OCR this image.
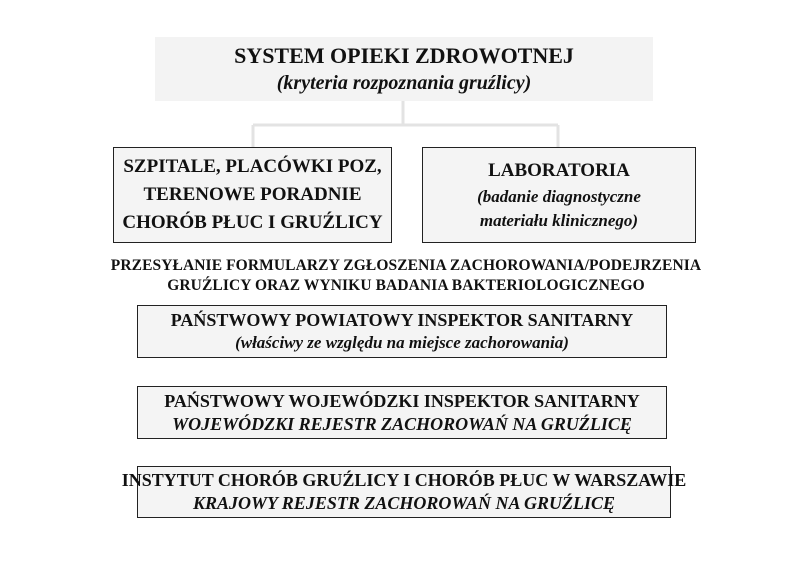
SYSTEM OPIEKI ZDROWOTNEJ
(kryteria rozpoznania gruźlicy)
SZPITALE, PLACÓWKI POZ,
TERENOWE PORADNIE
CHORÓB PŁUC I GRUŹLICY
LABORATORIA
(badanie diagnostyczne
materiału klinicznego)
PRZESYŁANIE FORMULARZY ZGŁOSZENIA ZACHOROWANIA/PODEJRZENIA
GRUŹLICY ORAZ WYNIKU BADANIA BAKTERIOLOGICZNEGO
PAŃSTWOWY POWIATOWY INSPEKTOR SANITARNY
(właściwy ze względu na miejsce zachorowania)
PAŃSTWOWY WOJEWÓDZKI INSPEKTOR SANITARNY
WOJEWÓDZKI REJESTR ZACHOROWAŃ NA GRUŹLICĘ
INSTYTUT CHORÓB GRUŹLICY I CHORÓB PŁUC W WARSZAWIE
KRAJOWY REJESTR ZACHOROWAŃ NA GRUŹLICĘ
